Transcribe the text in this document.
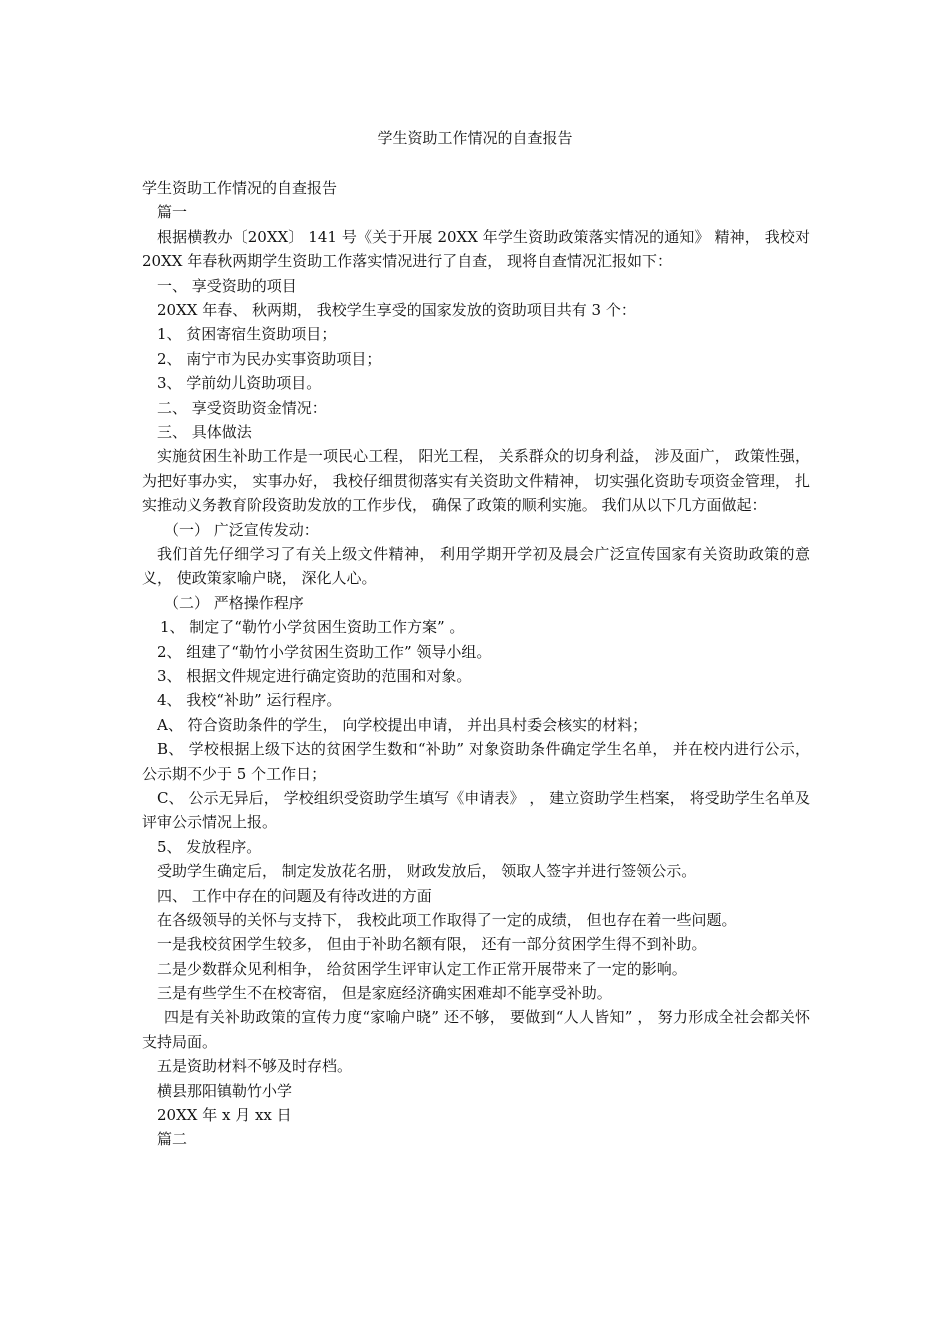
学生资助工作情况的自查报告
学生资助工作情况的自查报告
篇一
根据横教办〔20XX〕 141 号《关于开展 20XX 年学生资助政策落实情况的通知》 精神， 我校对 20XX 年春秋两期学生资助工作落实情况进行了自查， 现将自查情况汇报如下：
一、 享受资助的项目
20XX 年春、 秋两期， 我校学生享受的国家发放的资助项目共有 3 个：
1、 贫困寄宿生资助项目；
2、 南宁市为民办实事资助项目；
3、 学前幼儿资助项目。
二、 享受资助资金情况：
三、 具体做法
实施贫困生补助工作是一项民心工程， 阳光工程， 关系群众的切身利益， 涉及面广， 政策性强， 为把好事办实， 实事办好， 我校仔细贯彻落实有关资助文件精神， 切实强化资助专项资金管理， 扎实推动义务教育阶段资助发放的工作步伐， 确保了政策的顺利实施。 我们从以下几方面做起：
（一） 广泛宣传发动：
我们首先仔细学习了有关上级文件精神， 利用学期开学初及晨会广泛宣传国家有关资助政策的意义， 使政策家喻户晓， 深化人心。
（二） 严格操作程序
1、 制定了“勒竹小学贫困生资助工作方案” 。
2、 组建了“勒竹小学贫困生资助工作” 领导小组。
3、 根据文件规定进行确定资助的范围和对象。
4、 我校“补助” 运行程序。
A、 符合资助条件的学生， 向学校提出申请， 并出具村委会核实的材料；
B、 学校根据上级下达的贫困学生数和“补助” 对象资助条件确定学生名单， 并在校内进行公示， 公示期不少于 5 个工作日；
C、 公示无异后， 学校组织受资助学生填写《申请表》 ， 建立资助学生档案， 将受助学生名单及评审公示情况上报。
5、 发放程序。
受助学生确定后， 制定发放花名册， 财政发放后， 领取人签字并进行签领公示。
四、 工作中存在的问题及有待改进的方面
在各级领导的关怀与支持下， 我校此项工作取得了一定的成绩， 但也存在着一些问题。
一是我校贫困学生较多， 但由于补助名额有限， 还有一部分贫困学生得不到补助。
二是少数群众见利相争， 给贫困学生评审认定工作正常开展带来了一定的影响。
三是有些学生不在校寄宿， 但是家庭经济确实困难却不能享受补助。
四是有关补助政策的宣传力度“家喻户晓” 还不够， 要做到“人人皆知” ， 努力形成全社会都关怀支持局面。
五是资助材料不够及时存档。
横县那阳镇勒竹小学
20XX 年 x 月 xx 日
篇二
